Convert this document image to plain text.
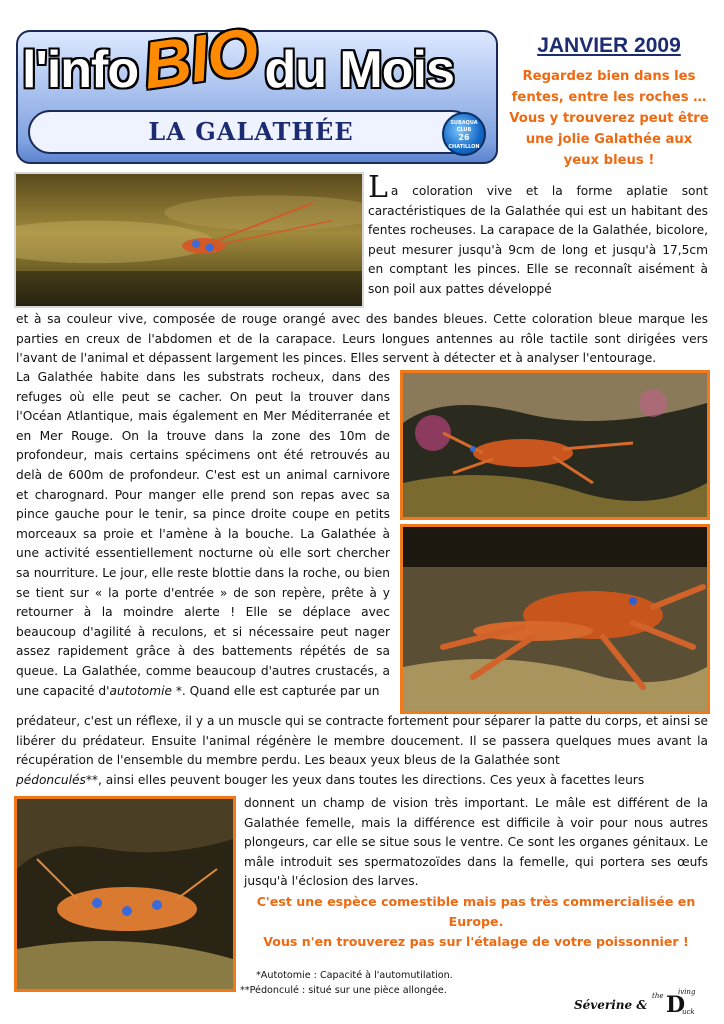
l'infoBIOdu Mois
LA GALATHÉE	SUBAQUA
CLUB
26
CHATILLON
JANVIER 2009
Regardez bien dans les fentes, entre les roches … Vous y trouverez peut être une jolie Galathée aux yeux bleus !

La coloration vive et la forme aplatie sont caractéristiques de la Galathée qui est un habitant des fentes rocheuses. La carapace de la Galathée, bicolore, peut mesurer jusqu'à 9cm de long et jusqu'à 17,5cm en comptant les pinces. Elle se reconnaît aisément à son poil aux pattes développé

et à sa couleur vive, composée de rouge orangé avec des bandes bleues. Cette coloration bleue marque les parties en creux de l'abdomen et de la carapace. Leurs longues antennes au rôle tactile sont dirigées vers l'avant de l'animal et dépassent largement les pinces. Elles servent à détecter et à analyser l'entourage.

La Galathée habite dans les substrats rocheux, dans des refuges où elle peut se cacher. On peut la trouver dans l'Océan Atlantique, mais également en Mer Méditerranée et en Mer Rouge. On la trouve dans la zone des 10m de profondeur, mais certains spécimens ont été retrouvés au delà de 600m de profondeur. C'est est un animal carnivore et charognard. Pour manger elle prend son repas avec sa pince gauche pour le tenir, sa pince droite coupe en petits morceaux sa proie et l'amène à la bouche. La Galathée à une activité essentiellement nocturne où elle sort chercher sa nourriture. Le jour, elle reste blottie dans la roche, ou bien se tient sur « la porte d'entrée » de son repère, prête à y retourner à la moindre alerte ! Elle se déplace avec beaucoup d'agilité à reculons, et si nécessaire peut nager assez rapidement grâce à des battements répétés de sa queue. La Galathée, comme beaucoup d'autres crustacés, a une capacité d'autotomie *. Quand elle est capturée par un

prédateur, c'est un réflexe, il y a un muscle qui se contracte fortement pour séparer la patte du corps, et ainsi se libérer du prédateur. Ensuite l'animal régénère le membre doucement. Il se passera quelques mues avant la récupération de l'ensemble du membre perdu. Les beaux yeux bleus de la Galathée sont
pédonculés**, ainsi elles peuvent bouger les yeux dans toutes les directions. Ces yeux à facettes leurs

donnent un champ de vision très important. Le mâle est différent de la Galathée femelle, mais la différence est difficile à voir pour nous autres plongeurs, car elle se situe sous le ventre. Ce sont les organes génitaux. Le mâle introduit ses spermatozoïdes dans la femelle, qui portera ses œufs jusqu'à l'éclosion des larves.

C'est une espèce comestible mais pas très commercialisée en Europe.

Vous n'en trouverez pas sur l'étalage de votre poissonnier !

*Autotomie : Capacité à l'automutilation.

**Pédonculé : situé sur une pièce allongée.

Séverine &
the D
iving
uck
